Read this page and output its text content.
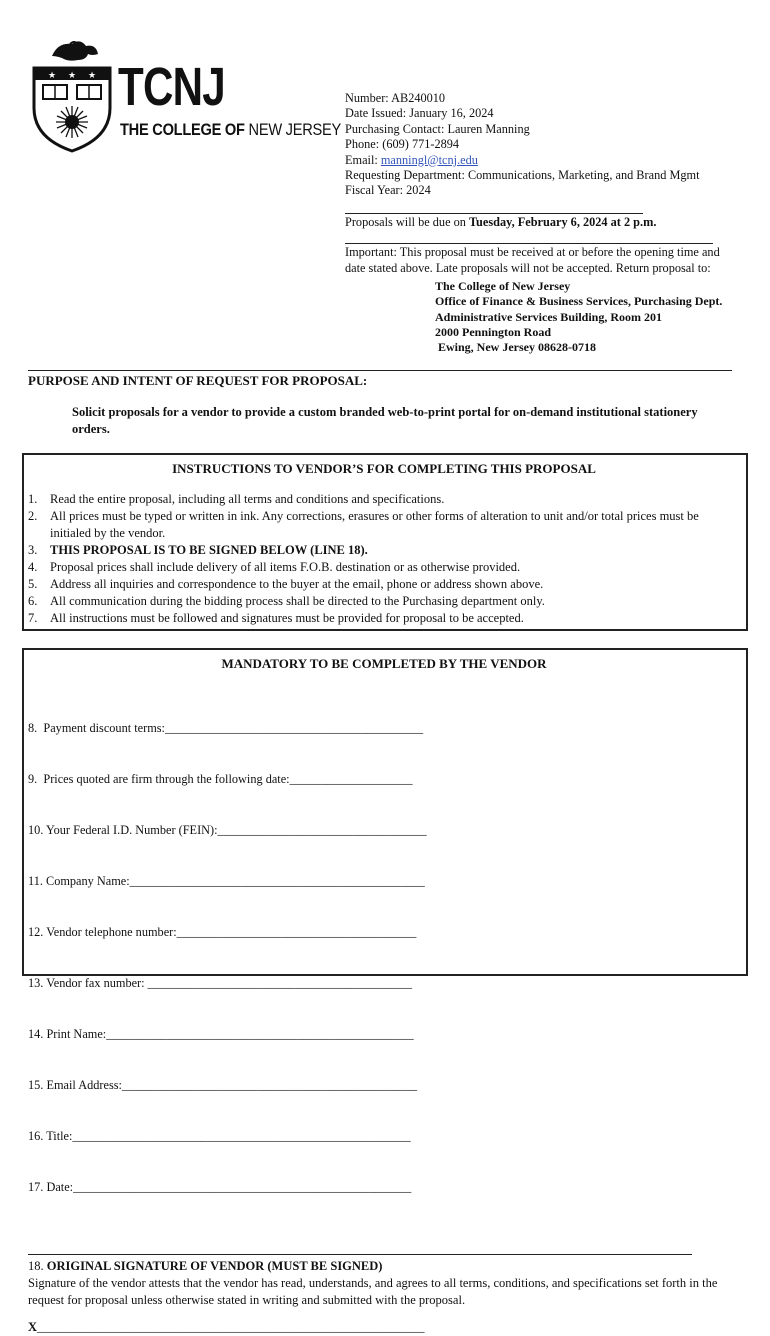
★ ★ ★ TCNJ
THE COLLEGE OF NEW JERSEY
Number: AB240010
Date Issued: January 16, 2024
Purchasing Contact: Lauren Manning
Phone: (609) 771-2894
Email: manningl@tcnj.edu
Requesting Department: Communications, Marketing, and Brand Mgmt
Fiscal Year: 2024
Proposals will be due on Tuesday, February 6, 2024 at 2 p.m.
Important: This proposal must be received at or before the opening time and
date stated above. Late proposals will not be accepted. Return proposal to:
The College of New Jersey
Office of Finance & Business Services, Purchasing Dept.
Administrative Services Building, Room 201
2000 Pennington Road
Ewing, New Jersey 08628-0718
PURPOSE AND INTENT OF REQUEST FOR PROPOSAL:
Solicit proposals for a vendor to provide a custom branded web-to-print portal for on-demand institutional stationery orders.
INSTRUCTIONS TO VENDOR’S FOR COMPLETING THIS PROPOSAL
1.	Read the entire proposal, including all terms and conditions and specifications.
2.	All prices must be typed or written in ink. Any corrections, erasures or other forms of alteration to unit and/or total prices must be initialed by the vendor.
3.	THIS PROPOSAL IS TO BE SIGNED BELOW (LINE 18).
4.	Proposal prices shall include delivery of all items F.O.B. destination or as otherwise provided.
5.	Address all inquiries and correspondence to the buyer at the email, phone or address shown above.
6.	All communication during the bidding process shall be directed to the Purchasing department only.
7.	All instructions must be followed and signatures must be provided for proposal to be accepted.
MANDATORY TO BE COMPLETED BY THE VENDOR

8.  Payment discount terms:__________________________________________

9.  Prices quoted are firm through the following date:____________________

10. Your Federal I.D. Number (FEIN):__________________________________

11. Company Name:________________________________________________

12. Vendor telephone number:_______________________________________

13. Vendor fax number: ___________________________________________

14. Print Name:__________________________________________________

15. Email Address:________________________________________________

16. Title:_______________________________________________________

17. Date:_______________________________________________________

18. ORIGINAL SIGNATURE OF VENDOR (MUST BE SIGNED)
Signature of the vendor attests that the vendor has read, understands, and agrees to all terms, conditions, and specifications set forth in the request for proposal unless otherwise stated in writing and submitted with the proposal.
X______________________________________________________________
